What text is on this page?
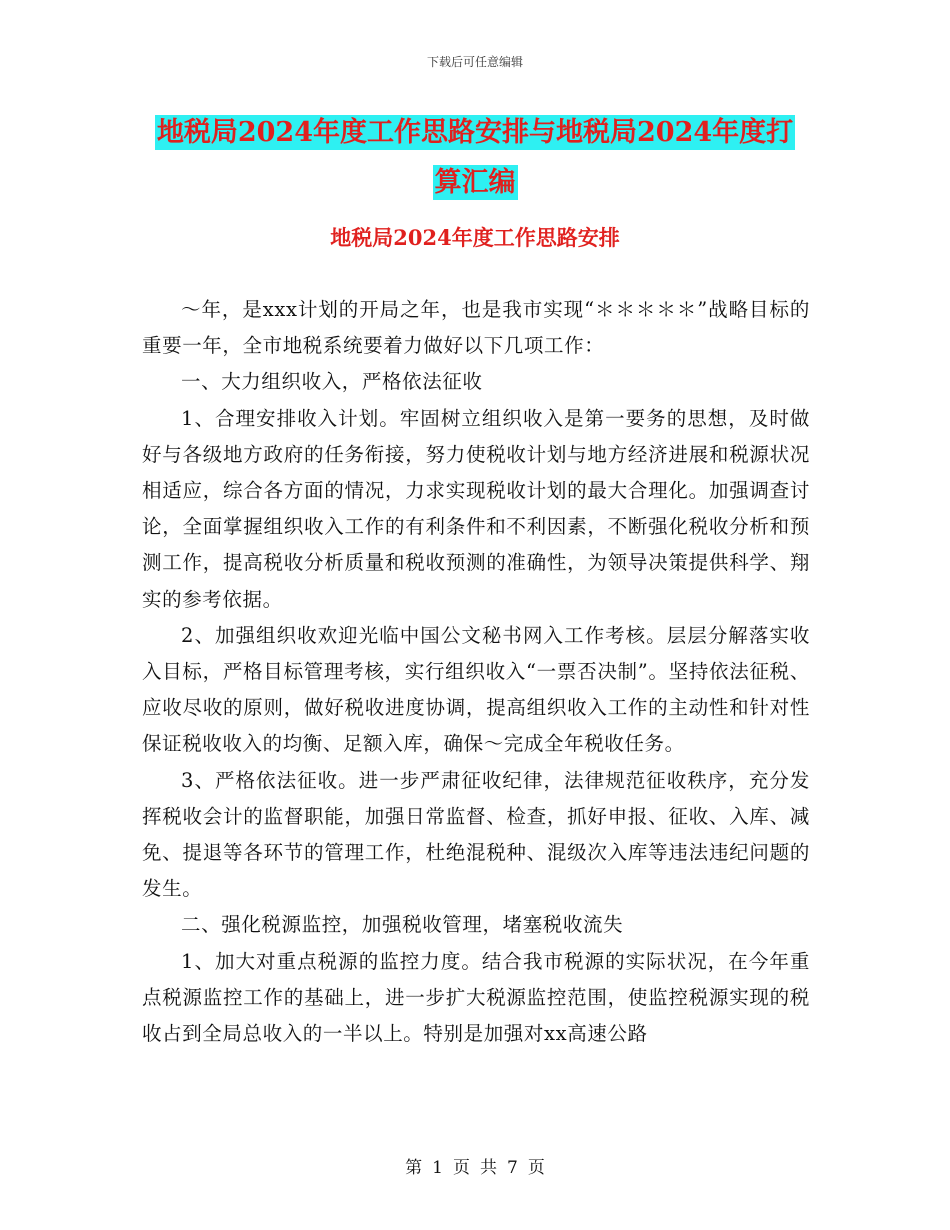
下载后可任意编辑
地税局2024年度工作思路安排与地税局2024年度打
算汇编
地税局2024年度工作思路安排

～年，是xxx计划的开局之年，也是我市实现“＊＊＊＊＊”战略目标的重要一年，全市地税系统要着力做好以下几项工作：

一、大力组织收入，严格依法征收

1、合理安排收入计划。牢固树立组织收入是第一要务的思想，及时做好与各级地方政府的任务衔接，努力使税收计划与地方经济进展和税源状况相适应，综合各方面的情况，力求实现税收计划的最大合理化。加强调查讨论，全面掌握组织收入工作的有利条件和不利因素，不断强化税收分析和预测工作，提高税收分析质量和税收预测的准确性，为领导决策提供科学、翔实的参考依据。

2、加强组织收欢迎光临中国公文秘书网入工作考核。层层分解落实收入目标，严格目标管理考核，实行组织收入“一票否决制”。坚持依法征税、应收尽收的原则，做好税收进度协调，提高组织收入工作的主动性和针对性保证税收收入的均衡、足额入库，确保～完成全年税收任务。

3、严格依法征收。进一步严肃征收纪律，法律规范征收秩序，充分发挥税收会计的监督职能，加强日常监督、检查，抓好申报、征收、入库、减免、提退等各环节的管理工作，杜绝混税种、混级次入库等违法违纪问题的发生。

二、强化税源监控，加强税收管理，堵塞税收流失

1、加大对重点税源的监控力度。结合我市税源的实际状况，在今年重点税源监控工作的基础上，进一步扩大税源监控范围，使监控税源实现的税收占到全局总收入的一半以上。特别是加强对xx高速公路

第 1 页 共 7 页
